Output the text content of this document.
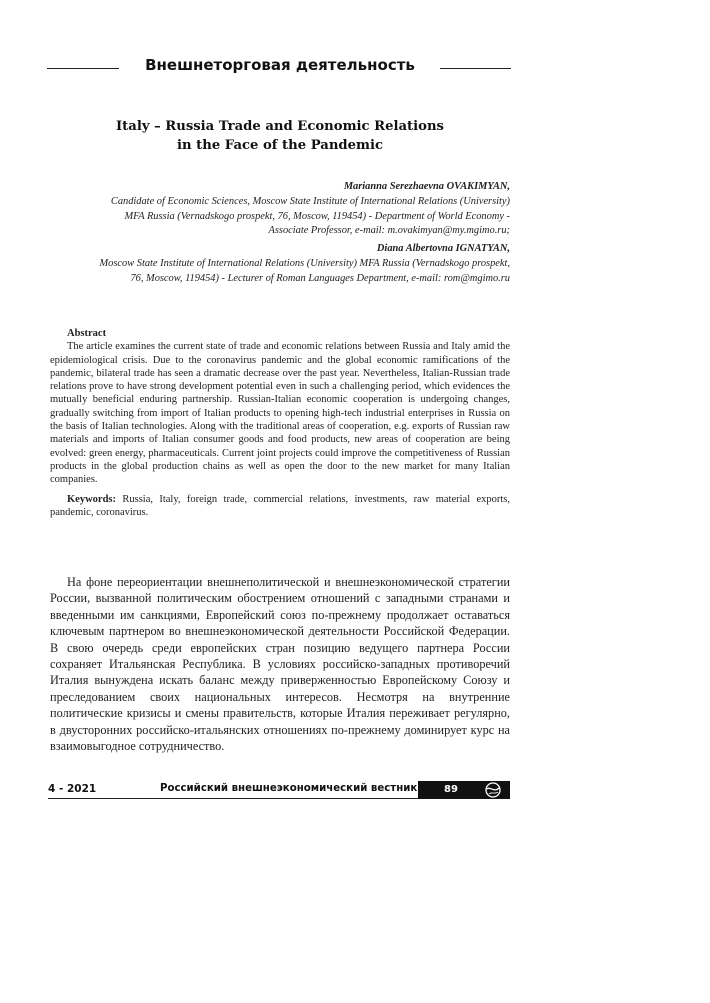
Внешнеторговая деятельность
Italy – Russia Trade and Economic Relations
in the Face of the Pandemic
Marianna Serezhaevna OVAKIMYAN,
Candidate of Economic Sciences, Moscow State Institute of International Relations (University)
MFA Russia (Vernadskogo prospekt, 76, Moscow, 119454) - Department of World Economy -
Associate Professor, e-mail: m.ovakimyan@my.mgimo.ru;
Diana Albertovna IGNATYAN,
Moscow State Institute of International Relations (University) MFA Russia (Vernadskogo prospekt,
76, Moscow, 119454) - Lecturer of Roman Languages Department, e-mail: rom@mgimo.ru
Abstract

The article examines the current state of trade and economic relations between Russia and Italy amid the epidemiological crisis. Due to the coronavirus pandemic and the global economic ramifications of the pandemic, bilateral trade has seen a dramatic decrease over the past year. Nevertheless, Italian-Russian trade relations prove to have strong development potential even in such a challenging period, which evidences the mutually beneficial enduring partnership. Russian-Italian economic cooperation is undergoing changes, gradually switching from import of Italian products to opening high-tech industrial enterprises in Russia on the basis of Italian technologies. Along with the traditional areas of cooperation, e.g. exports of Russian raw materials and imports of Italian consumer goods and food products, new areas of cooperation are being evolved: green energy, pharmaceuticals. Current joint projects could improve the competitiveness of Russian products in the global production chains as well as open the door to the new market for many Italian companies.

Keywords: Russia, Italy, foreign trade, commercial relations, investments, raw material exports, pandemic, coronavirus.

На фоне переориентации внешнеполитической и внешнеэкономической стратегии России, вызванной политическим обострением отношений с западными странами и введенными им санкциями, Европейский союз по-прежнему продолжает оставаться ключевым партнером во внешнеэкономической деятельности Российской Федерации. В свою очередь среди европейских стран позицию ведущего партнера России сохраняет Итальянская Республика. В условиях российско-западных противоречий Италия вынуждена искать баланс между приверженностью Европейскому Союзу и преследованием своих национальных интересов. Несмотря на внутренние политические кризисы и смены правительств, которые Италия переживает регулярно, в двусторонних российско-итальянских отношениях по-прежнему доминирует курс на взаимовыгодное сотрудничество.

4 - 2021	Российский внешнеэкономический вестник	89
